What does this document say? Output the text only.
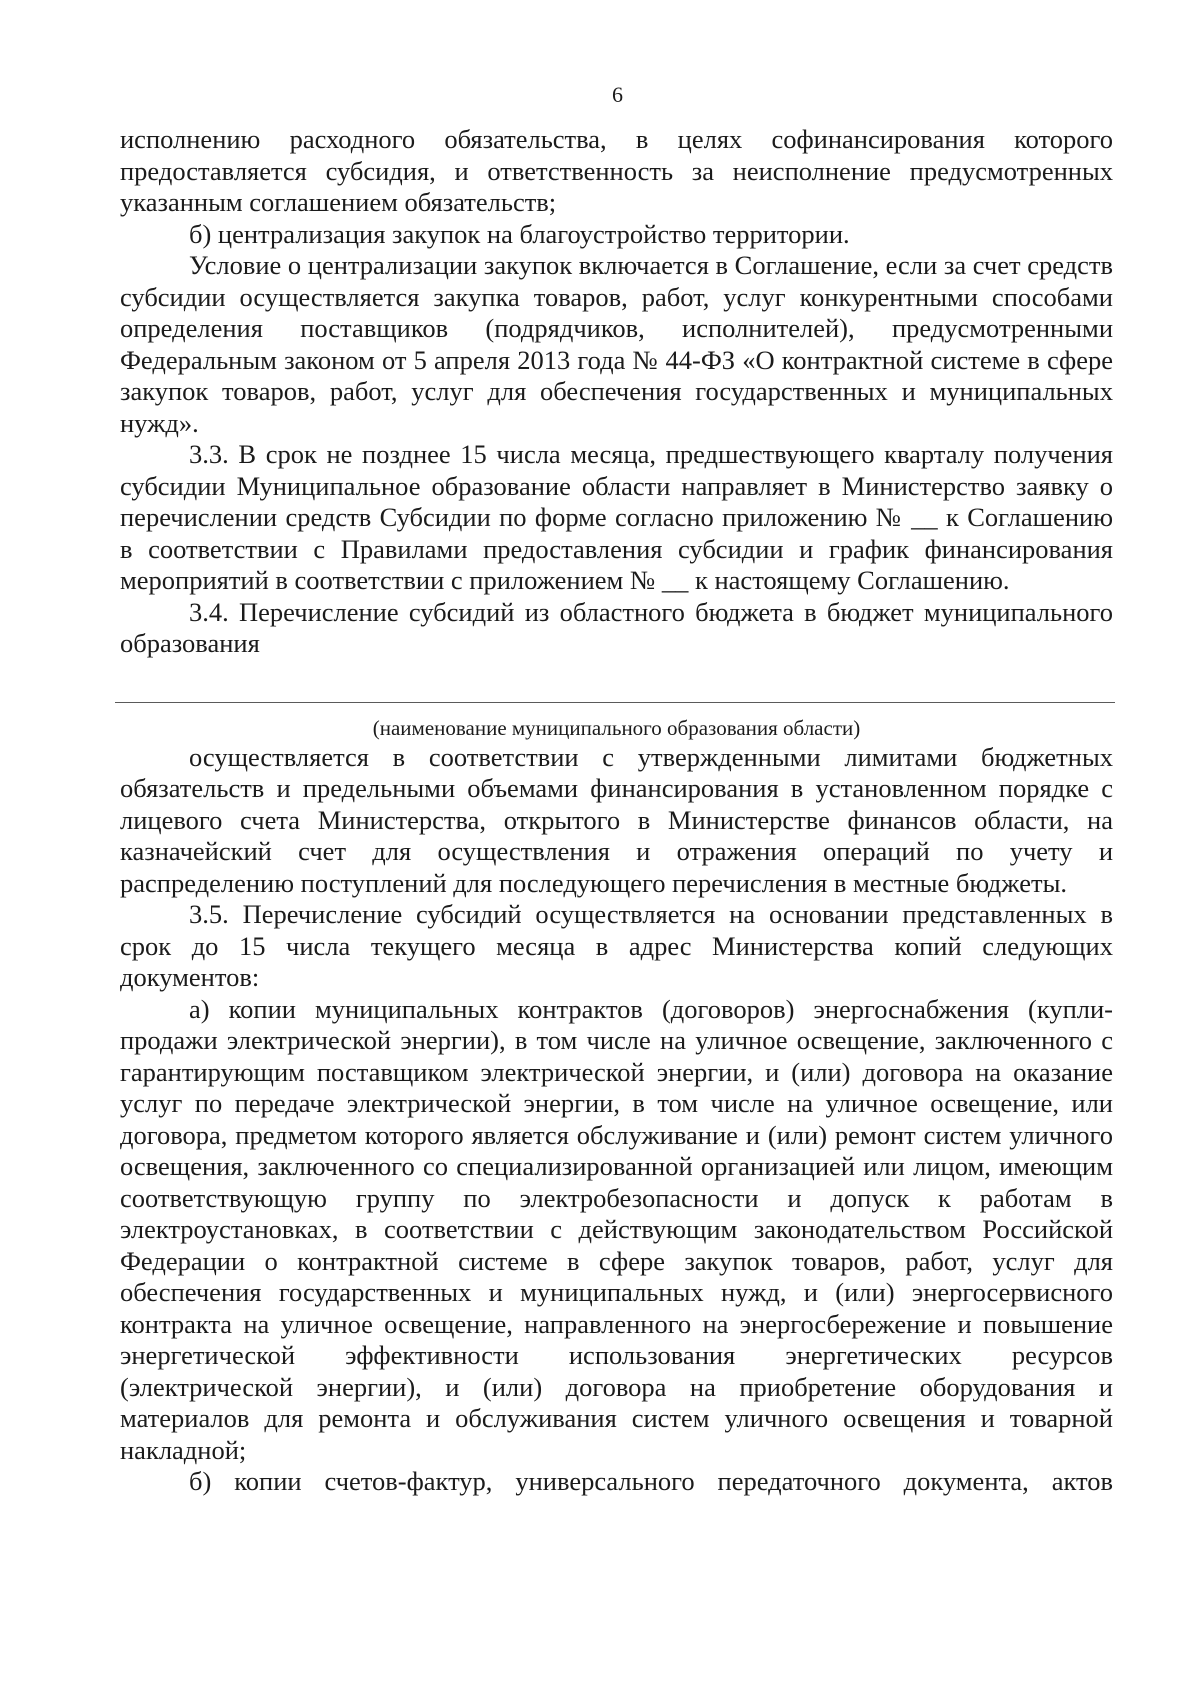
6

исполнению расходного обязательства, в целях софинансирования которого предоставляется субсидия, и ответственность за неисполнение предусмотренных указанным соглашением обязательств;

б) централизация закупок на благоустройство территории.

Условие о централизации закупок включается в Соглашение, если за счет средств субсидии осуществляется закупка товаров, работ, услуг конкурентными способами определения поставщиков (подрядчиков, исполнителей), предусмотренными Федеральным законом от 5 апреля 2013 года № 44-ФЗ «О контрактной системе в сфере закупок товаров, работ, услуг для обеспечения государственных и муниципальных нужд».

3.3. В срок не позднее 15 числа месяца, предшествующего кварталу получения субсидии Муниципальное образование области направляет в Министерство заявку о перечислении средств Субсидии по форме согласно приложению № __ к Соглашению в соответствии с Правилами предоставления субсидии и график финансирования мероприятий в соответствии с приложением № __ к настоящему Соглашению.

3.4. Перечисление субсидий из областного бюджета в бюджет муниципального образования

(наименование муниципального образования области)

осуществляется в соответствии с утвержденными лимитами бюджетных обязательств и предельными объемами финансирования в установленном порядке с лицевого счета Министерства, открытого в Министерстве финансов области, на казначейский счет для осуществления и отражения операций по учету и распределению поступлений для последующего перечисления в местные бюджеты.

3.5. Перечисление субсидий осуществляется на основании представленных в срок до 15 числа текущего месяца в адрес Министерства копий следующих документов:

а) копии муниципальных контрактов (договоров) энергоснабжения (купли-продажи электрической энергии), в том числе на уличное освещение, заключенного с гарантирующим поставщиком электрической энергии, и (или) договора на оказание услуг по передаче электрической энергии, в том числе на уличное освещение, или договора, предметом которого является обслуживание и (или) ремонт систем уличного освещения, заключенного со специализированной организацией или лицом, имеющим соответствующую группу по электробезопасности и допуск к работам в электроустановках, в соответствии с действующим законодательством Российской Федерации о контрактной системе в сфере закупок товаров, работ, услуг для обеспечения государственных и муниципальных нужд, и (или) энергосервисного контракта на уличное освещение, направленного на энергосбережение и повышение энергетической эффективности использования энергетических ресурсов (электрической энергии), и (или) договора на приобретение оборудования и материалов для ремонта и обслуживания систем уличного освещения и товарной накладной;

б) копии счетов-фактур, универсального передаточного документа, актов
